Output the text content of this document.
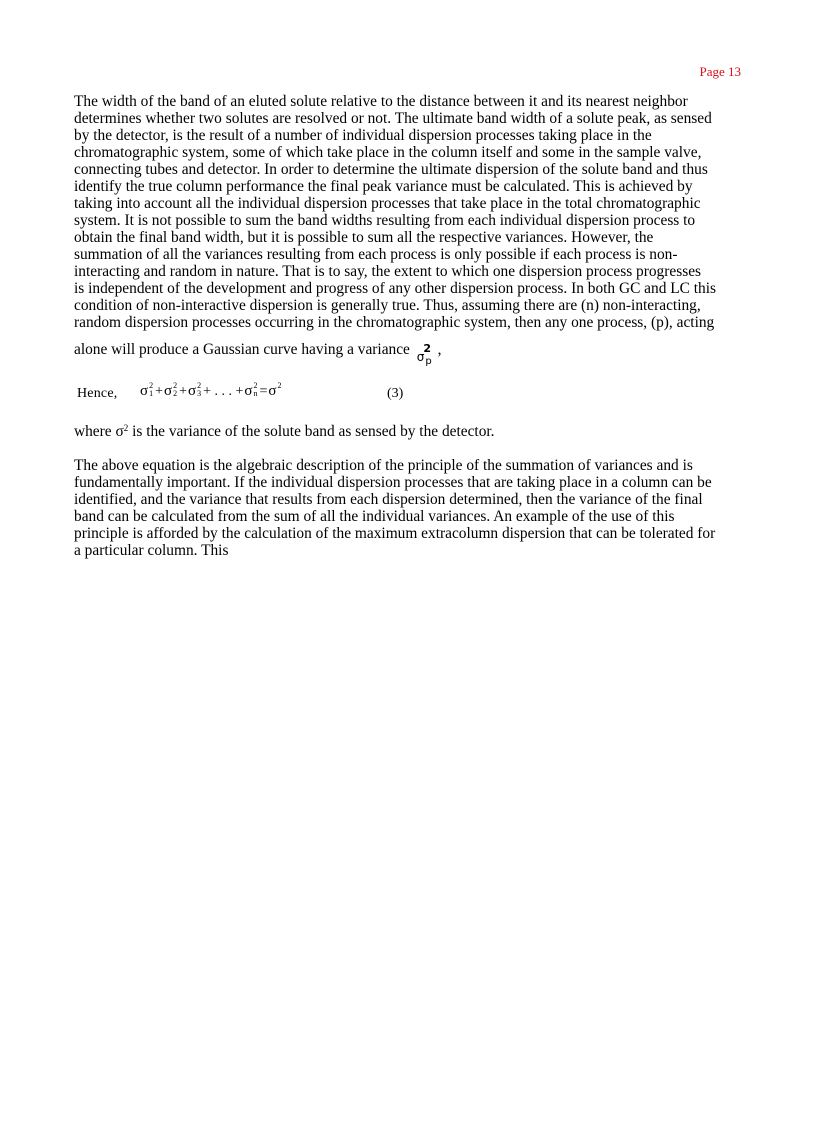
Page 13

The width of the band of an eluted solute relative to the distance between it and its nearest neighbor
determines whether two solutes are resolved or not. The ultimate band width of a solute peak, as sensed
by the detector, is the result of a number of individual dispersion processes taking place in the
chromatographic system, some of which take place in the column itself and some in the sample valve,
connecting tubes and detector. In order to determine the ultimate dispersion of the solute band and thus
identify the true column performance the final peak variance must be calculated. This is achieved by
taking into account all the individual dispersion processes that take place in the total chromatographic
system. It is not possible to sum the band widths resulting from each individual dispersion process to
obtain the final band width, but it is possible to sum all the respective variances. However, the
summation of all the variances resulting from each process is only possible if each process is non-
interacting and random in nature. That is to say, the extent to which one dispersion process progresses
is independent of the development and progress of any other dispersion process. In both GC and LC this
condition of non-interactive dispersion is generally true. Thus, assuming there are (n) non-interacting,
random dispersion processes occurring in the chromatographic system, then any one process, (p), acting

alone will produce a Gaussian curve having a variance 2
σ p
,

Hence, σ 2
1 +σ 2
2 +σ 2
3 + . . . +σ 2
n =σ 2

(3)

where $\sigma^2$ is the variance of the solute band as sensed by the detector.

The above equation is the algebraic description of the principle of the summation of variances and is
fundamentally important. If the individual dispersion processes that are taking place in a column can be
identified, and the variance that results from each dispersion determined, then the variance of the final
band can be calculated from the sum of all the individual variances. An example of the use of this
principle is afforded by the calculation of the maximum extracolumn dispersion that can be tolerated for
a particular column. This
